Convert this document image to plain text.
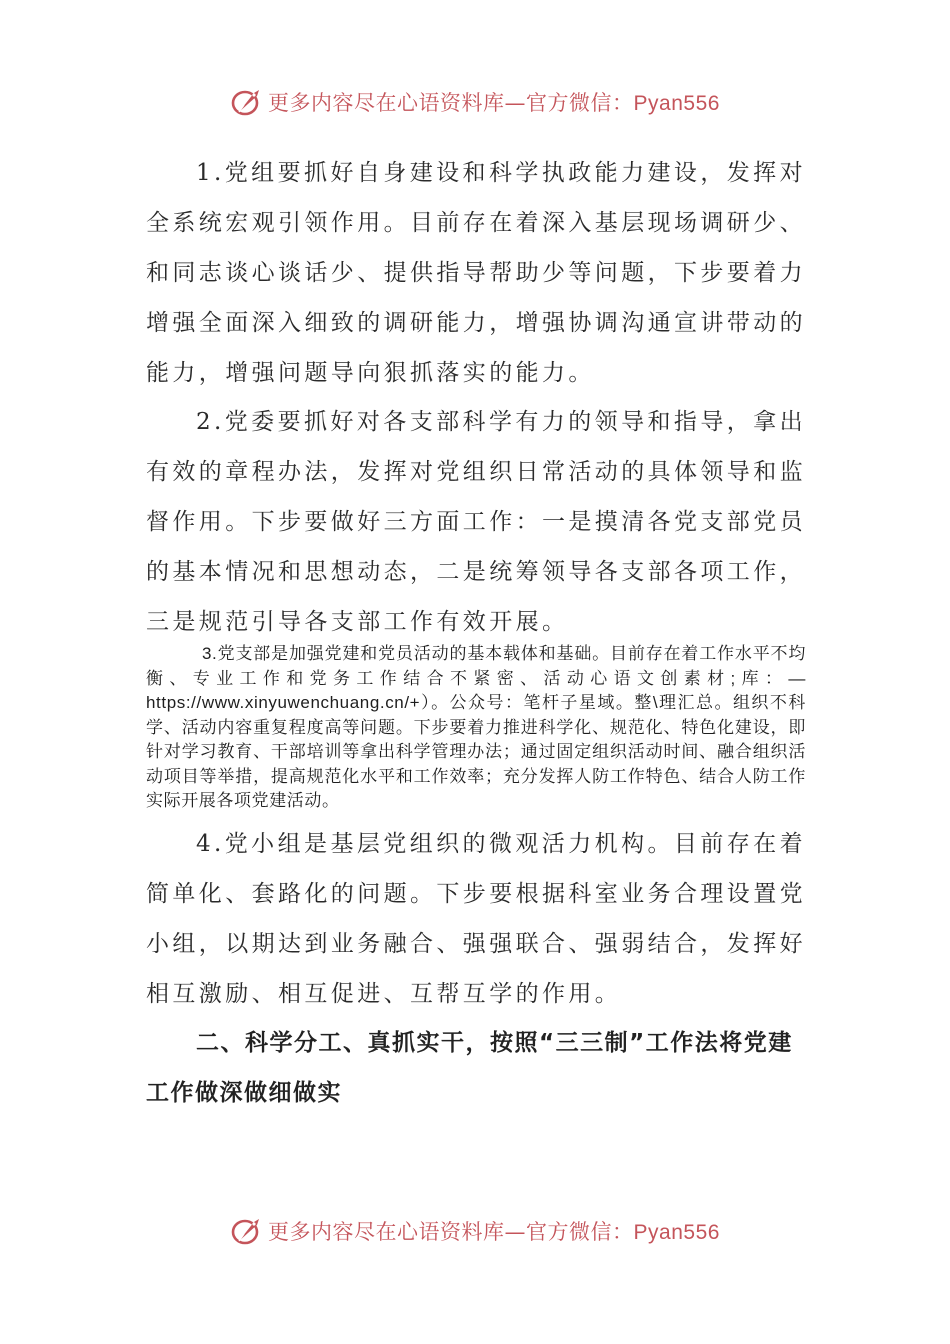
更多内容尽在心语资料库—官方微信：Pyan556

1.党组要抓好自身建设和科学执政能力建设，发挥对全系统宏观引领作用。目前存在着深入基层现场调研少、和同志谈心谈话少、提供指导帮助少等问题，下步要着力增强全面深入细致的调研能力，增强协调沟通宣讲带动的能力，增强问题导向狠抓落实的能力。

2.党委要抓好对各支部科学有力的领导和指导，拿出有效的章程办法，发挥对党组织日常活动的具体领导和监督作用。下步要做好三方面工作：一是摸清各党支部党员的基本情况和思想动态，二是统筹领导各支部各项工作，三是规范引导各支部工作有效开展。

3.党支部是加强党建和党员活动的基本载体和基础。目前存在着工作水平不均衡、专业工作和党务工作结合不紧密、活动心语文创素材;库：—https://www.xinyuwenchuang.cn/+）。公众号：笔杆子星域。整\理汇总。组织不科学、活动内容重复程度高等问题。下步要着力推进科学化、规范化、特色化建设，即针对学习教育、干部培训等拿出科学管理办法；通过固定组织活动时间、融合组织活动项目等举措，提高规范化水平和工作效率；充分发挥人防工作特色、结合人防工作实际开展各项党建活动。

4.党小组是基层党组织的微观活力机构。目前存在着简单化、套路化的问题。下步要根据科室业务合理设置党小组，以期达到业务融合、强强联合、强弱结合，发挥好相互激励、相互促进、互帮互学的作用。

二、科学分工、真抓实干，按照“三三制”工作法将党建工作做深做细做实

更多内容尽在心语资料库—官方微信：Pyan556
